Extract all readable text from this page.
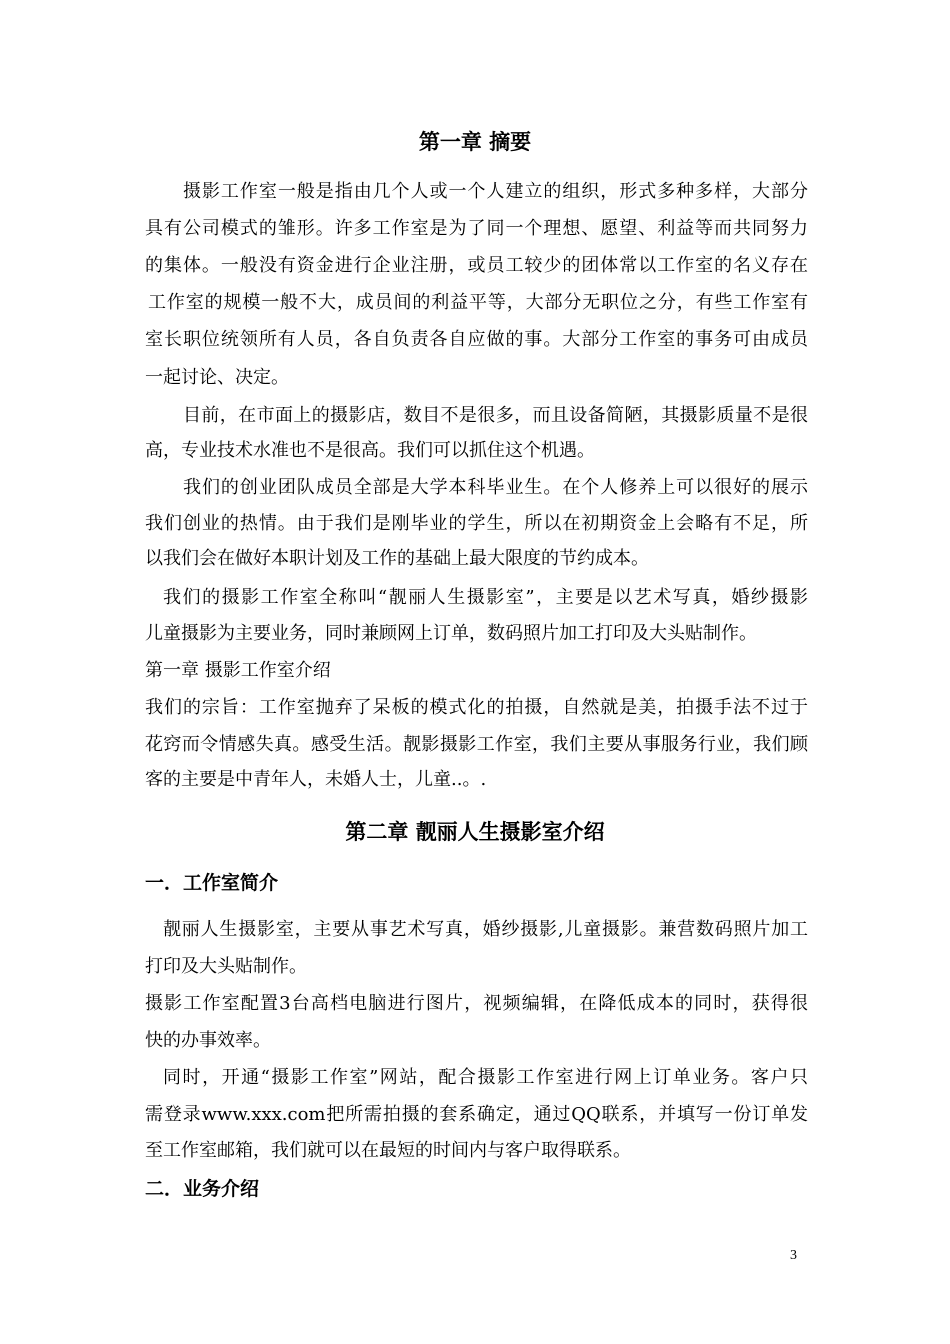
第一章 摘要
摄影工作室一般是指由几个人或一个人建立的组织，形式多种多样，大部分
具有公司模式的雏形。许多工作室是为了同一个理想、愿望、利益等而共同努力
的集体。一般没有资金进行企业注册，或员工较少的团体常以工作室的名义存在
工作室的规模一般不大，成员间的利益平等，大部分无职位之分，有些工作室有
室长职位统领所有人员，各自负责各自应做的事。大部分工作室的事务可由成员
一起讨论、决定。
目前，在市面上的摄影店，数目不是很多，而且设备简陋，其摄影质量不是很
高，专业技术水准也不是很高。我们可以抓住这个机遇。
我们的创业团队成员全部是大学本科毕业生。在个人修养上可以很好的展示
我们创业的热情。由于我们是刚毕业的学生，所以在初期资金上会略有不足，所
以我们会在做好本职计划及工作的基础上最大限度的节约成本。
我们的摄影工作室全称叫“靓丽人生摄影室”，主要是以艺术写真，婚纱摄影
儿童摄影为主要业务，同时兼顾网上订单，数码照片加工打印及大头贴制作。
第一章 摄影工作室介绍
我们的宗旨：工作室抛弃了呆板的模式化的拍摄，自然就是美，拍摄手法不过于
花窍而令情感失真。感受生活。靓影摄影工作室，我们主要从事服务行业，我们顾
客的主要是中青年人，未婚人士，儿童..。.
第二章 靓丽人生摄影室介绍
一．工作室简介
靓丽人生摄影室，主要从事艺术写真，婚纱摄影,儿童摄影。兼营数码照片加工
打印及大头贴制作。
摄影工作室配置3台高档电脑进行图片，视频编辑，在降低成本的同时，获得很
快的办事效率。
同时，开通“摄影工作室”网站，配合摄影工作室进行网上订单业务。客户只
需登录www.xxx.com把所需拍摄的套系确定，通过QQ联系，并填写一份订单发
至工作室邮箱，我们就可以在最短的时间内与客户取得联系。
二．业务介绍
3
